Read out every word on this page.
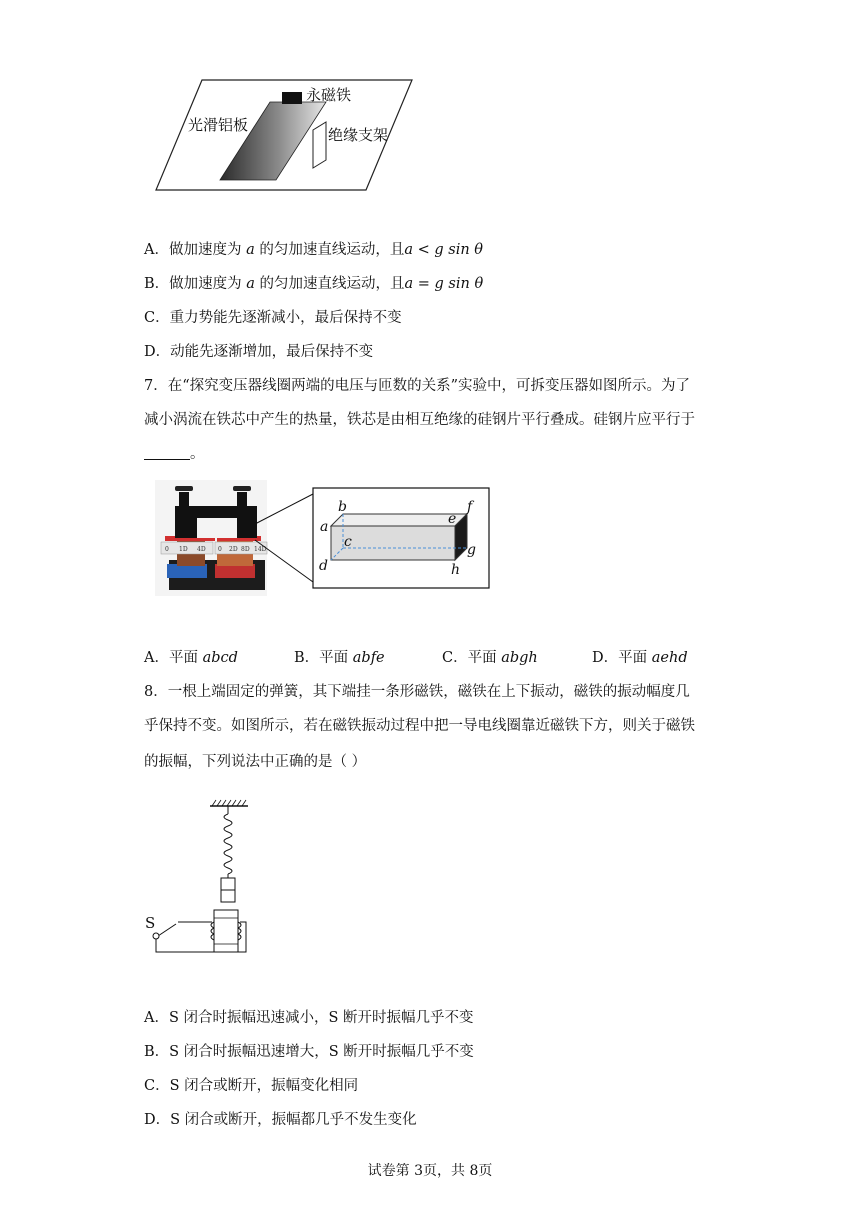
光滑铝板
永磁铁
绝缘支架
A．做加速度为 a 的匀加速直线运动，且a < g sin θ
B．做加速度为 a 的匀加速直线运动，且a = g sin θ
C．重力势能先逐渐减小，最后保持不变
D．动能先逐渐增加，最后保持不变
7．在“探究变压器线圈两端的电压与匝数的关系”实验中，可拆变压器如图所示。为了
减小涡流在铁芯中产生的热量，铁芯是由相互绝缘的硅钢片平行叠成。硅钢片应平行于
。
0 1D 4D 0 2D 8D 14D
a
b
c
d
e
f
g
h
A．平面 abcd	B．平面 abfe	C．平面 abgh	D．平面 aehd
8．一根上端固定的弹簧，其下端挂一条形磁铁，磁铁在上下振动，磁铁的振动幅度几
乎保持不变。如图所示，若在磁铁振动过程中把一导电线圈靠近磁铁下方，则关于磁铁
的振幅，下列说法中正确的是（ ）
S
A．S 闭合时振幅迅速减小，S 断开时振幅几乎不变
B．S 闭合时振幅迅速增大，S 断开时振幅几乎不变
C．S 闭合或断开，振幅变化相同
D．S 闭合或断开，振幅都几乎不发生变化
试卷第 3页，共 8页
